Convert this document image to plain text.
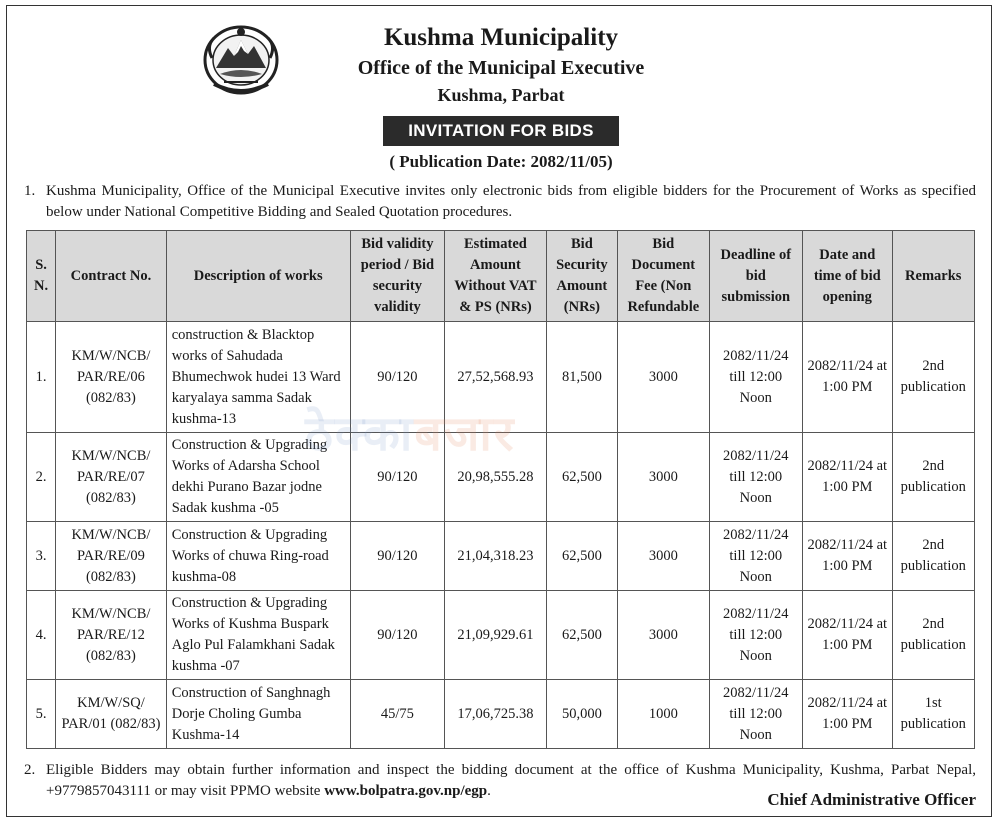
Kushma Municipality
Office of the Municipal Executive
Kushma, Parbat
INVITATION FOR BIDS
( Publication Date: 2082/11/05)
1. Kushma Municipality, Office of the Municipal Executive invites only electronic bids from eligible bidders for the Procurement of Works as specified below under National Competitive Bidding and Sealed Quotation procedures.
S. N.	Contract No.	Description of works	Bid validity period / Bid security validity	Estimated Amount Without VAT & PS (NRs)	Bid Security Amount (NRs)	Bid Document Fee (Non Refundable	Deadline of bid submission	Date and time of bid opening	Remarks
1.	KM/W/NCB/ PAR/RE/06 (082/83)	construction & Blacktop works of Sahudada Bhumechwok hudei 13 Ward karyalaya samma Sadak kushma-13	90/120	27,52,568.93	81,500	3000	2082/11/24 till 12:00 Noon	2082/11/24 at 1:00 PM	2nd publication
2.	KM/W/NCB/ PAR/RE/07 (082/83)	Construction & Upgrading Works of Adarsha School dekhi Purano Bazar jodne Sadak kushma -05	90/120	20,98,555.28	62,500	3000	2082/11/24 till 12:00 Noon	2082/11/24 at 1:00 PM	2nd publication
3.	KM/W/NCB/ PAR/RE/09 (082/83)	Construction & Upgrading Works of chuwa Ring-road kushma-08	90/120	21,04,318.23	62,500	3000	2082/11/24 till 12:00 Noon	2082/11/24 at 1:00 PM	2nd publication
4.	KM/W/NCB/ PAR/RE/12 (082/83)	Construction & Upgrading Works of Kushma Buspark Aglo Pul Falamkhani Sadak kushma -07	90/120	21,09,929.61	62,500	3000	2082/11/24 till 12:00 Noon	2082/11/24 at 1:00 PM	2nd publication
5.	KM/W/SQ/ PAR/01 (082/83)	Construction of Sanghnagh Dorje Choling Gumba Kushma-14	45/75	17,06,725.38	50,000	1000	2082/11/24 till 12:00 Noon	2082/11/24 at 1:00 PM	1st publication
ठेक्काबजार
2. Eligible Bidders may obtain further information and inspect the bidding document at the office of Kushma Municipality, Kushma, Parbat Nepal, +9779857043111 or may visit PPMO website www.bolpatra.gov.np/egp.	Chief Administrative Officer
